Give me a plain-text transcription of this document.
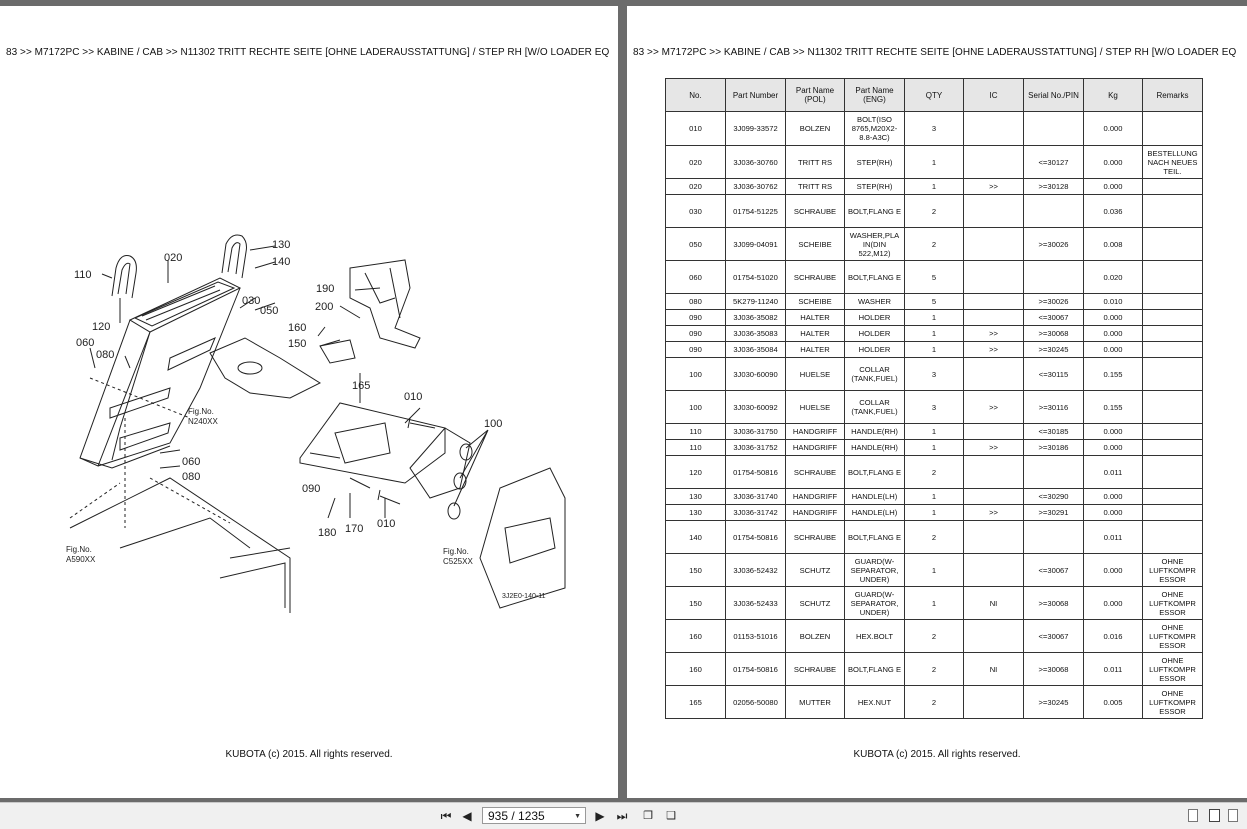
83 >> M7172PC >> KABINE / CAB >> N11302 TRITT RECHTE SEITE [OHNE LADERAUSSTATTUNG] / STEP RH [W/O LOADER EQ
130
140
110
020
030
050
120
060
080
190
200
160
150
165
010
100
060
080
090
180 170 010
Fig.No.
N240XX
Fig.No.
A590XX
Fig.No.
C525XX
3J2E0-140-11
KUBOTA (c) 2015. All rights reserved.
83 >> M7172PC >> KABINE / CAB >> N11302 TRITT RECHTE SEITE [OHNE LADERAUSSTATTUNG] / STEP RH [W/O LOADER EQ
No.	Part Number	Part Name (POL)	Part Name (ENG)	QTY	IC	Serial No./PIN	Kg	Remarks
010	3J099-33572	BOLZEN	BOLT(ISO 8765,M20X2-8.8-A3C)	3			0.000	
020	3J036-30760	TRITT RS	STEP(RH)	1		<=30127	0.000	BESTELLUNG NACH NEUES TEIL.
020	3J036-30762	TRITT RS	STEP(RH)	1	>>	>=30128	0.000	
030	01754-51225	SCHRAUBE	BOLT,FLANG E	2			0.036	
050	3J099-04091	SCHEIBE	WASHER,PLA IN(DIN 522,M12)	2		>=30026	0.008	
060	01754-51020	SCHRAUBE	BOLT,FLANG E	5			0.020	
080	5K279-11240	SCHEIBE	WASHER	5		>=30026	0.010	
090	3J036-35082	HALTER	HOLDER	1		<=30067	0.000	
090	3J036-35083	HALTER	HOLDER	1	>>	>=30068	0.000	
090	3J036-35084	HALTER	HOLDER	1	>>	>=30245	0.000	
100	3J030-60090	HUELSE	COLLAR (TANK,FUEL)	3		<=30115	0.155	
100	3J030-60092	HUELSE	COLLAR (TANK,FUEL)	3	>>	>=30116	0.155	
110	3J036-31750	HANDGRIFF	HANDLE(RH)	1		<=30185	0.000	
110	3J036-31752	HANDGRIFF	HANDLE(RH)	1	>>	>=30186	0.000	
120	01754-50816	SCHRAUBE	BOLT,FLANG E	2			0.011	
130	3J036-31740	HANDGRIFF	HANDLE(LH)	1		<=30290	0.000	
130	3J036-31742	HANDGRIFF	HANDLE(LH)	1	>>	>=30291	0.000	
140	01754-50816	SCHRAUBE	BOLT,FLANG E	2			0.011	
150	3J036-52432	SCHUTZ	GUARD(W-SEPARATOR, UNDER)	1		<=30067	0.000	OHNE LUFTKOMPR ESSOR
150	3J036-52433	SCHUTZ	GUARD(W-SEPARATOR, UNDER)	1	NI	>=30068	0.000	OHNE LUFTKOMPR ESSOR
160	01153-51016	BOLZEN	HEX.BOLT	2		<=30067	0.016	OHNE LUFTKOMPR ESSOR
160	01754-50816	SCHRAUBE	BOLT,FLANG E	2	NI	>=30068	0.011	OHNE LUFTKOMPR ESSOR
165	02056-50080	MUTTER	HEX.NUT	2		>=30245	0.005	OHNE LUFTKOMPR ESSOR
KUBOTA (c) 2015. All rights reserved.
⏮ ◀	935 / 1235	▼ ▶ ⏭ ❐ ❑
